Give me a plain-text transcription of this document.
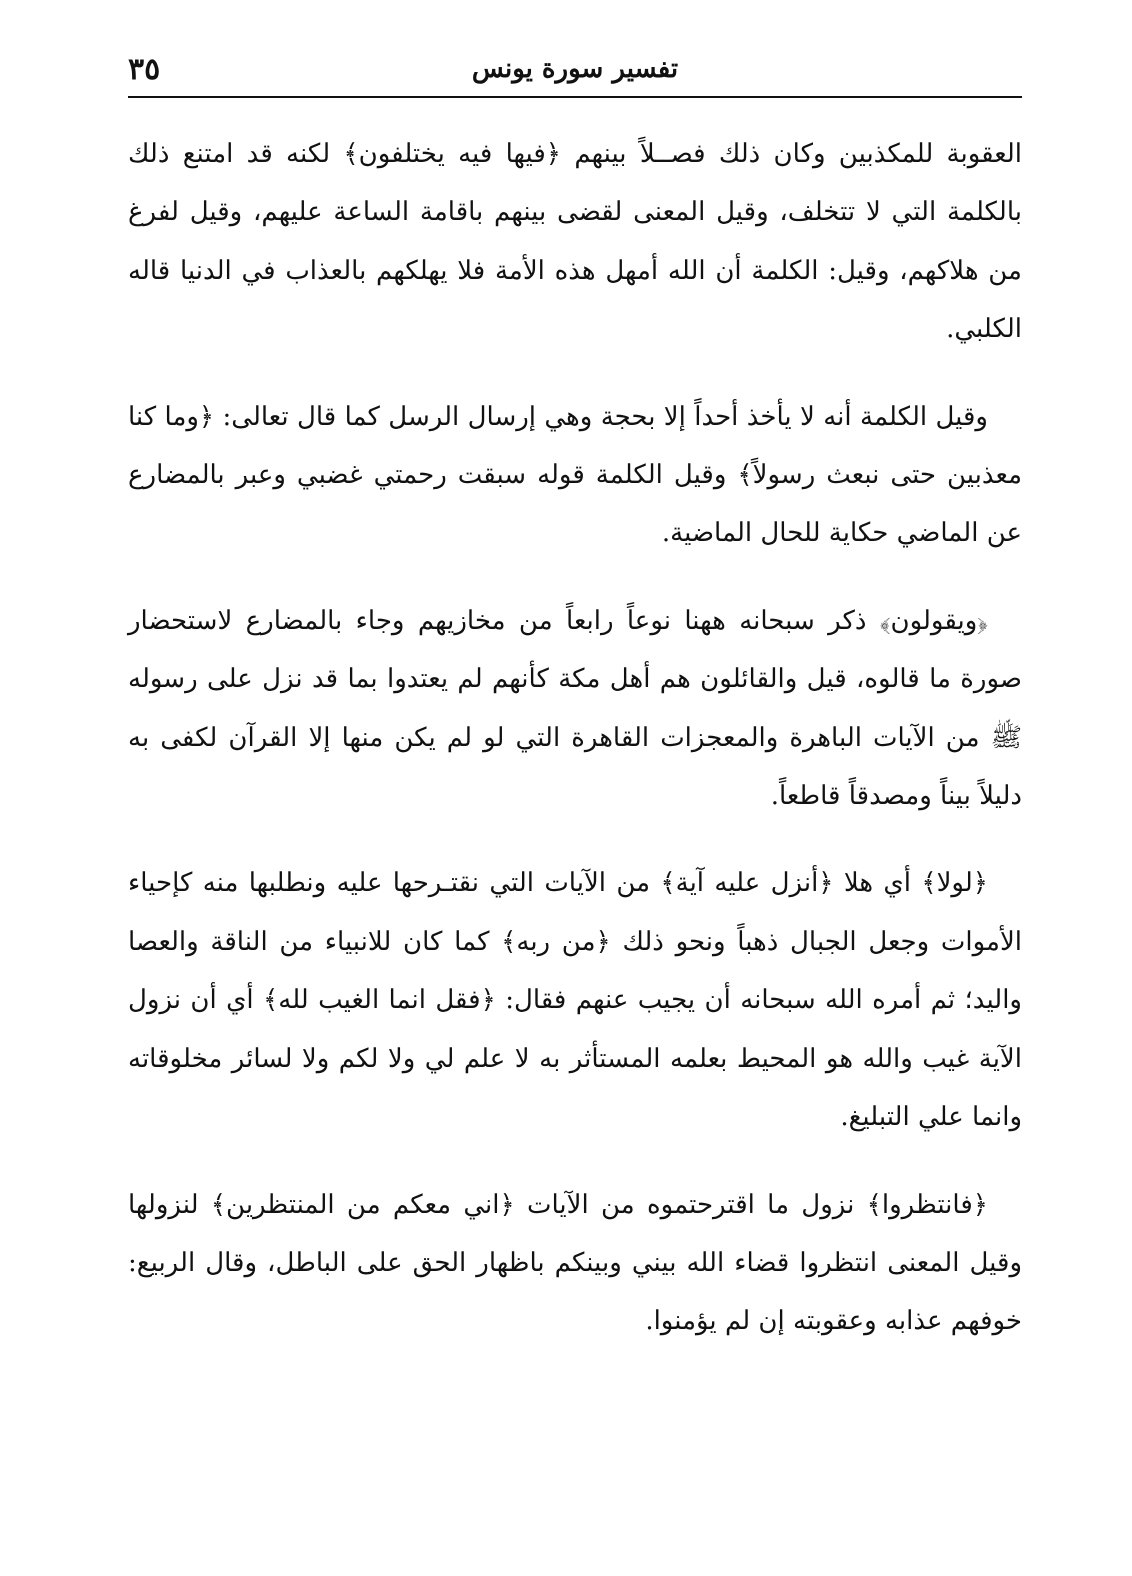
تفسير سورة يونس
٣٥

العقوبة للمكذبين وكان ذلك فصــلاً بينهم ﴿فيها فيه يختلفون﴾ لكنه قد امتنع ذلك بالكلمة التي لا تتخلف، وقيل المعنى لقضى بينهم باقامة الساعة عليهم، وقيل لفرغ من هلاكهم، وقيل: الكلمة أن الله أمهل هذه الأمة فلا يهلكهم بالعذاب في الدنيا قاله الكلبي.

وقيل الكلمة أنه لا يأخذ أحداً إلا بحجة وهي إرسال الرسل كما قال تعالى: ﴿وما كنا معذبين حتى نبعث رسولاً﴾ وقيل الكلمة قوله سبقت رحمتي غضبي وعبر بالمضارع عن الماضي حكاية للحال الماضية.

﴿ويقولون﴾ ذكر سبحانه ههنا نوعاً رابعاً من مخازيهم وجاء بالمضارع لاستحضار صورة ما قالوه، قيل والقائلون هم أهل مكة كأنهم لم يعتدوا بما قد نزل على رسوله ﷺ من الآيات الباهرة والمعجزات القاهرة التي لو لم يكن منها إلا القرآن لكفى به دليلاً بيناً ومصدقاً قاطعاً.

﴿لولا﴾ أي هلا ﴿أنزل عليه آية﴾ من الآيات التي نقتـرحها عليه ونطلبها منه كإحياء الأموات وجعل الجبال ذهباً ونحو ذلك ﴿من ربه﴾ كما كان للانبياء من الناقة والعصا واليد؛ ثم أمره الله سبحانه أن يجيب عنهم فقال: ﴿فقل انما الغيب لله﴾ أي أن نزول الآية غيب والله هو المحيط بعلمه المستأثر به لا علم لي ولا لكم ولا لسائر مخلوقاته وانما علي التبليغ.

﴿فانتظروا﴾ نزول ما اقترحتموه من الآيات ﴿اني معكم من المنتظرين﴾ لنزولها وقيل المعنى انتظروا قضاء الله بيني وبينكم باظهار الحق على الباطل، وقال الربيع: خوفهم عذابه وعقوبته إن لم يؤمنوا.
